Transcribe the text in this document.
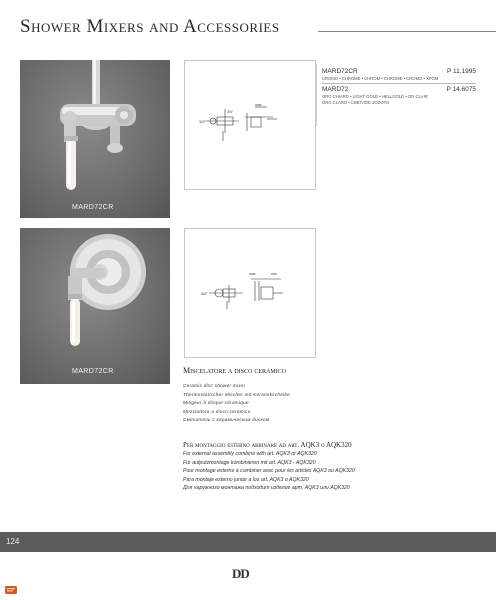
Shower Mixers and Accessories
MARD72CR
3/4"
max
3/4"
MARD72CR	P 11.1995
CROMO • CHROME • CHROM • CHROME • CROMO • ХРОМ
MARD72	P 14.6075
ORO CHIARO • LIGHT GOLD • HELLGOLD • OR CLAIR
ORO CLARO • СВЕТЛОЕ ЗОЛОТО
MARD72CR
max	min
3/4"
Miscelatore a disco ceramico
Ceramic disc shower mixer
Thermostatischer Mischer mit Keramikscheibe
Mitigeur à disque céramique
Mezcladora a disco cerámico
Смеситель с керамическим диском
Per montaggio esterno abbinare ad art. AQK3 o AQK320
For external assembly combine with art. AQK3 or AQK320
Für aufputzmontage kombinieren mit art. AQK3 - AQK320
Pour montage externe à combiner avec pour les articles AQK3 ou AQK320
Para montaje externo juntar a los art. AQK3 o AQK320
Для наружного монтажа подходит изделие арт. AQK3 или AQK320
124
DD
